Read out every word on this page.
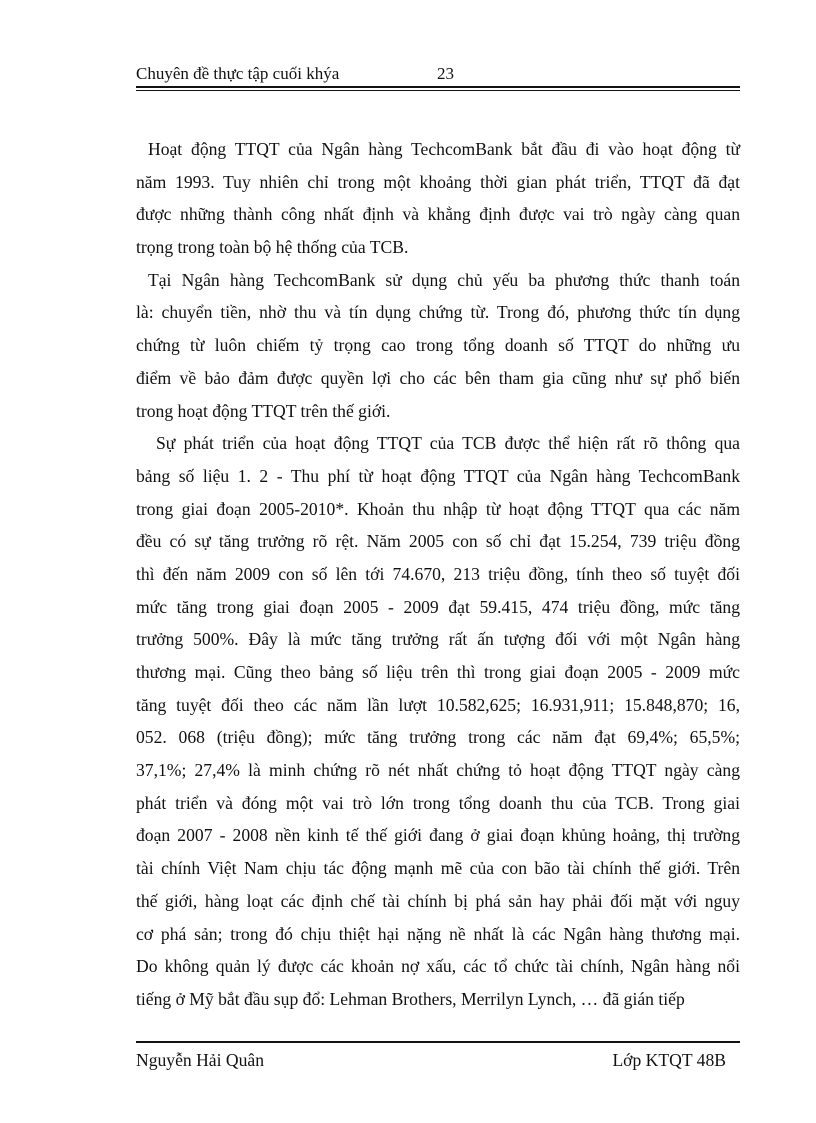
Chuyên đề thực tập cuối khýa	23
Hoạt động TTQT của Ngân hàng TechcomBank bắt đầu đi vào hoạt động từ
năm 1993. Tuy nhiên chỉ trong một khoảng thời gian phát triển, TTQT đã đạt
được những thành công nhất định và khẳng định được vai trò ngày càng quan
trọng trong toàn bộ hệ thống của TCB.
Tại Ngân hàng TechcomBank sử dụng chủ yếu ba phương thức thanh toán
là: chuyển tiền, nhờ thu và tín dụng chứng từ. Trong đó, phương thức tín dụng
chứng từ luôn chiếm tỷ trọng cao trong tổng doanh số TTQT do những ưu
điểm về bảo đảm được quyền lợi cho các bên tham gia cũng như sự phổ biến
trong hoạt động TTQT trên thế giới.
Sự phát triển của hoạt động TTQT của TCB được thể hiện rất rõ thông qua
bảng số liệu 1. 2 - Thu phí từ hoạt động TTQT của Ngân hàng TechcomBank
trong giai đoạn 2005-2010*. Khoản thu nhập từ hoạt động TTQT qua các năm
đều có sự tăng trưởng rõ rệt. Năm 2005 con số chỉ đạt 15.254, 739 triệu đồng
thì đến năm 2009 con số lên tới 74.670, 213 triệu đồng, tính theo số tuyệt đối
mức tăng trong giai đoạn 2005 - 2009 đạt 59.415, 474 triệu đồng, mức tăng
trưởng 500%. Đây là mức tăng trưởng rất ấn tượng đối với một Ngân hàng
thương mại. Cũng theo bảng số liệu trên thì trong giai đoạn 2005 - 2009 mức
tăng tuyệt đối theo các năm lần lượt 10.582,625; 16.931,911; 15.848,870; 16,
052. 068 (triệu đồng); mức tăng trưởng trong các năm đạt 69,4%; 65,5%;
37,1%; 27,4% là minh chứng rõ nét nhất chứng tỏ hoạt động TTQT ngày càng
phát triển và đóng một vai trò lớn trong tổng doanh thu của TCB. Trong giai
đoạn 2007 - 2008 nền kinh tế thế giới đang ở giai đoạn khủng hoảng, thị trường
tài chính Việt Nam chịu tác động mạnh mẽ của con bão tài chính thế giới. Trên
thế giới, hàng loạt các định chế tài chính bị phá sản hay phải đối mặt với nguy
cơ phá sản; trong đó chịu thiệt hại nặng nề nhất là các Ngân hàng thương mại.
Do không quản lý được các khoản nợ xấu, các tổ chức tài chính, Ngân hàng nổi
tiếng ở Mỹ bắt đầu sụp đổ: Lehman Brothers, Merrilyn Lynch, … đã gián tiếp
Nguyễn Hải Quân	Lớp KTQT 48B
